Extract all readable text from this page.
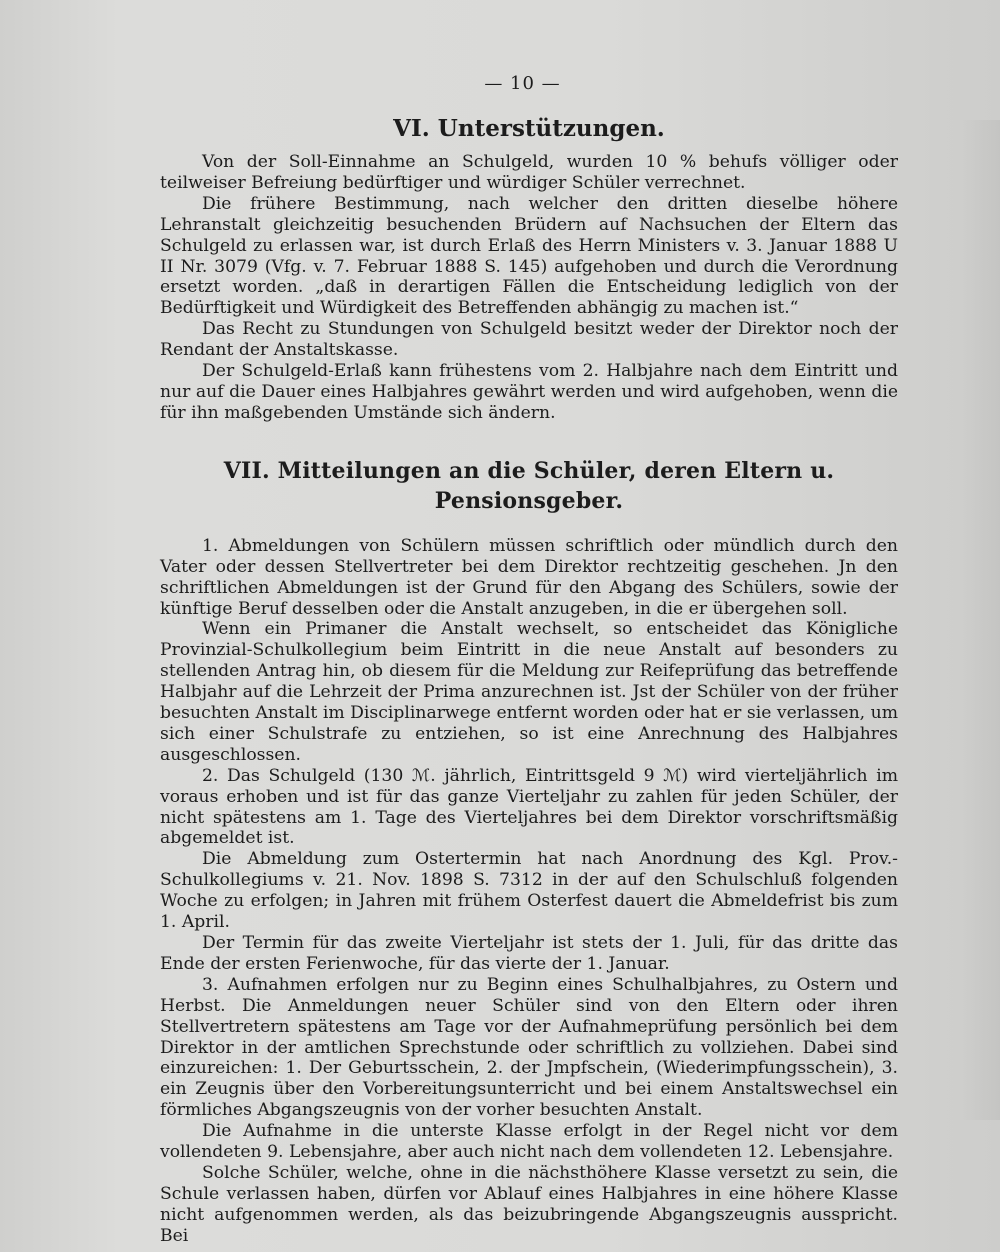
— 10 —
VI. Unterstützungen.

Von der Soll-Einnahme an Schulgeld, wurden 10 % behufs völliger oder teilweiser Befreiung bedürftiger und würdiger Schüler verrechnet.

Die frühere Bestimmung, nach welcher den dritten dieselbe höhere Lehranstalt gleichzeitig besuchenden Brüdern auf Nachsuchen der Eltern das Schulgeld zu erlassen war, ist durch Erlaß des Herrn Ministers v. 3. Januar 1888 U II Nr. 3079 (Vfg. v. 7. Februar 1888 S. 145) aufgehoben und durch die Verordnung ersetzt worden. „daß in derartigen Fällen die Entscheidung lediglich von der Bedürftigkeit und Würdigkeit des Betreffenden abhängig zu machen ist.“

Das Recht zu Stundungen von Schulgeld besitzt weder der Direktor noch der Rendant der Anstaltskasse.

Der Schulgeld-Erlaß kann frühestens vom 2. Halbjahre nach dem Eintritt und nur auf die Dauer eines Halbjahres gewährt werden und wird aufgehoben, wenn die für ihn maßgebenden Umstände sich ändern.

VII. Mitteilungen an die Schüler, deren Eltern u. Pensionsgeber.

1. Abmeldungen von Schülern müssen schriftlich oder mündlich durch den Vater oder dessen Stellvertreter bei dem Direktor rechtzeitig geschehen. Jn den schriftlichen Abmeldungen ist der Grund für den Abgang des Schülers, sowie der künftige Beruf desselben oder die Anstalt anzugeben, in die er übergehen soll.

Wenn ein Primaner die Anstalt wechselt, so entscheidet das Königliche Provinzial-Schulkollegium beim Eintritt in die neue Anstalt auf besonders zu stellenden Antrag hin, ob diesem für die Meldung zur Reifeprüfung das betreffende Halbjahr auf die Lehrzeit der Prima anzurechnen ist. Jst der Schüler von der früher besuchten Anstalt im Disciplinarwege entfernt worden oder hat er sie verlassen, um sich einer Schulstrafe zu entziehen, so ist eine Anrechnung des Halbjahres ausgeschlossen.

2. Das Schulgeld (130 ℳ. jährlich, Eintrittsgeld 9 ℳ) wird vierteljährlich im voraus erhoben und ist für das ganze Vierteljahr zu zahlen für jeden Schüler, der nicht spätestens am 1. Tage des Vierteljahres bei dem Direktor vorschriftsmäßig abgemeldet ist.

Die Abmeldung zum Ostertermin hat nach Anordnung des Kgl. Prov.-Schulkollegiums v. 21. Nov. 1898 S. 7312 in der auf den Schulschluß folgenden Woche zu erfolgen; in Jahren mit frühem Osterfest dauert die Abmeldefrist bis zum 1. April.

Der Termin für das zweite Vierteljahr ist stets der 1. Juli, für das dritte das Ende der ersten Ferienwoche, für das vierte der 1. Januar.

3. Aufnahmen erfolgen nur zu Beginn eines Schulhalbjahres, zu Ostern und Herbst. Die Anmeldungen neuer Schüler sind von den Eltern oder ihren Stellvertretern spätestens am Tage vor der Aufnahmeprüfung persönlich bei dem Direktor in der amtlichen Sprechstunde oder schriftlich zu vollziehen. Dabei sind einzureichen: 1. Der Geburtsschein, 2. der Jmpfschein, (Wiederimpfungsschein), 3. ein Zeugnis über den Vorbereitungsunterricht und bei einem Anstaltswechsel ein förmliches Abgangszeugnis von der vorher besuchten Anstalt.

Die Aufnahme in die unterste Klasse erfolgt in der Regel nicht vor dem vollendeten 9. Lebensjahre, aber auch nicht nach dem vollendeten 12. Lebensjahre.

Solche Schüler, welche, ohne in die nächsthöhere Klasse versetzt zu sein, die Schule verlassen haben, dürfen vor Ablauf eines Halbjahres in eine höhere Klasse nicht aufgenommen werden, als das beizubringende Abgangszeugnis ausspricht. Bei
